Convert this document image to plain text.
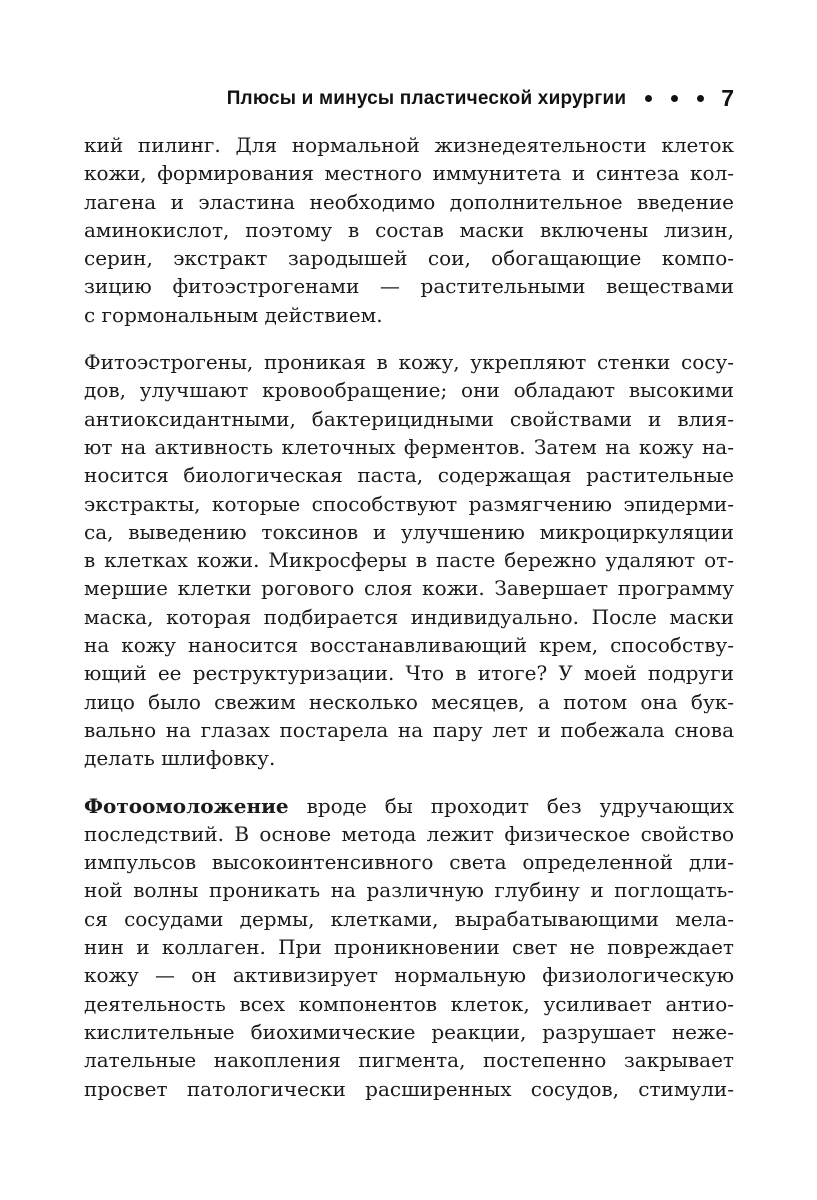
Плюсы и минусы пластической хирургии	7
кий пилинг. Для нормальной жизнедеятельности клеток
кожи, формирования местного иммунитета и синтеза кол-
лагена и эластина необходимо дополнительное введение
аминокислот, поэтому в состав маски включены лизин,
серин, экстракт зародышей сои, обогащающие компо-
зицию фитоэстрогенами — растительными веществами
с гормональным действием.
Фитоэстрогены, проникая в кожу, укрепляют стенки сосу-
дов, улучшают кровообращение; они обладают высокими
антиоксидантными, бактерицидными свойствами и влия-
ют на активность клеточных ферментов. Затем на кожу на-
носится биологическая паста, содержащая растительные
экстракты, которые способствуют размягчению эпидерми-
са, выведению токсинов и улучшению микроциркуляции
в клетках кожи. Микросферы в пасте бережно удаляют от-
мершие клетки рогового слоя кожи. Завершает программу
маска, которая подбирается индивидуально. После маски
на кожу наносится восстанавливающий крем, способству-
ющий ее реструктуризации. Что в итоге? У моей подруги
лицо было свежим несколько месяцев, а потом она бук-
вально на глазах постарела на пару лет и побежала снова
делать шлифовку.
Фотоомоложение вроде бы проходит без удручающих
последствий. В основе метода лежит физическое свойство
импульсов высокоинтенсивного света определенной дли-
ной волны проникать на различную глубину и поглощать-
ся сосудами дермы, клетками, вырабатывающими мела-
нин и коллаген. При проникновении свет не повреждает
кожу — он активизирует нормальную физиологическую
деятельность всех компонентов клеток, усиливает антио-
кислительные биохимические реакции, разрушает неже-
лательные накопления пигмента, постепенно закрывает
просвет патологически расширенных сосудов, стимули-
